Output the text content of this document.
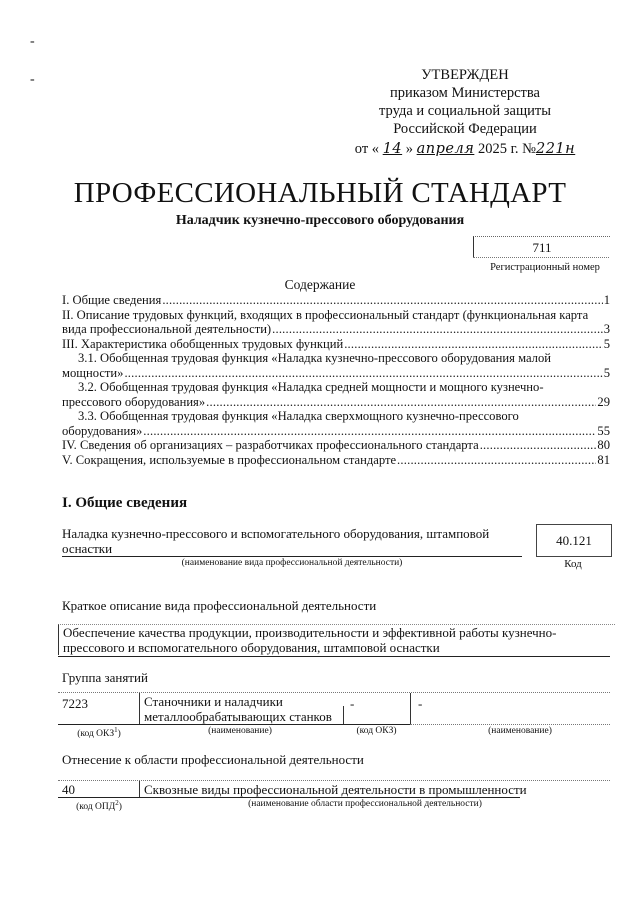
-
-	УТВЕРЖДЕН
приказом Министерства
труда и социальной защиты
Российской Федерации
от « 14 » апреля 2025 г. №221н
ПРОФЕССИОНАЛЬНЫЙ СТАНДАРТ
Наладчик кузнечно-прессового оборудования
711
Регистрационный номер
Содержание
I. Общие сведения .....	1
II. Описание трудовых функций, входящих в профессиональный стандарт (функциональная карта
вида профессиональной деятельности) .....	3
III. Характеристика обобщенных трудовых функций .....	5
3.1. Обобщенная трудовая функция «Наладка кузнечно-прессового оборудования малой
мощности» .....	5
3.2. Обобщенная трудовая функция «Наладка средней мощности и мощного кузнечно-
прессового оборудования» .....	29
3.3. Обобщенная трудовая функция «Наладка сверхмощного кузнечно-прессового
оборудования» .....	55
IV. Сведения об организациях – разработчиках профессионального стандарта .....	80
V. Сокращения, используемые в профессиональном стандарте .....	81
I. Общие сведения
Наладка кузнечно-прессового и вспомогательного оборудования, штамповой
оснастки
40.121
(наименование вида профессиональной деятельности)	Код
Краткое описание вида профессиональной деятельности
Обеспечение качества продукции, производительности и эффективной работы кузнечно-
прессового и вспомогательного оборудования, штамповой оснастки
Группа занятий
7223	Станочники и наладчики
металлообрабатывающих станков
-	-
(код ОКЗ$^1$)	(наименование)	(код ОКЗ)	(наименование)
Отнесение к области профессиональной деятельности
40	Сквозные виды профессиональной деятельности в промышленности
(код ОПД$^2$)	(наименование области профессиональной деятельности)
